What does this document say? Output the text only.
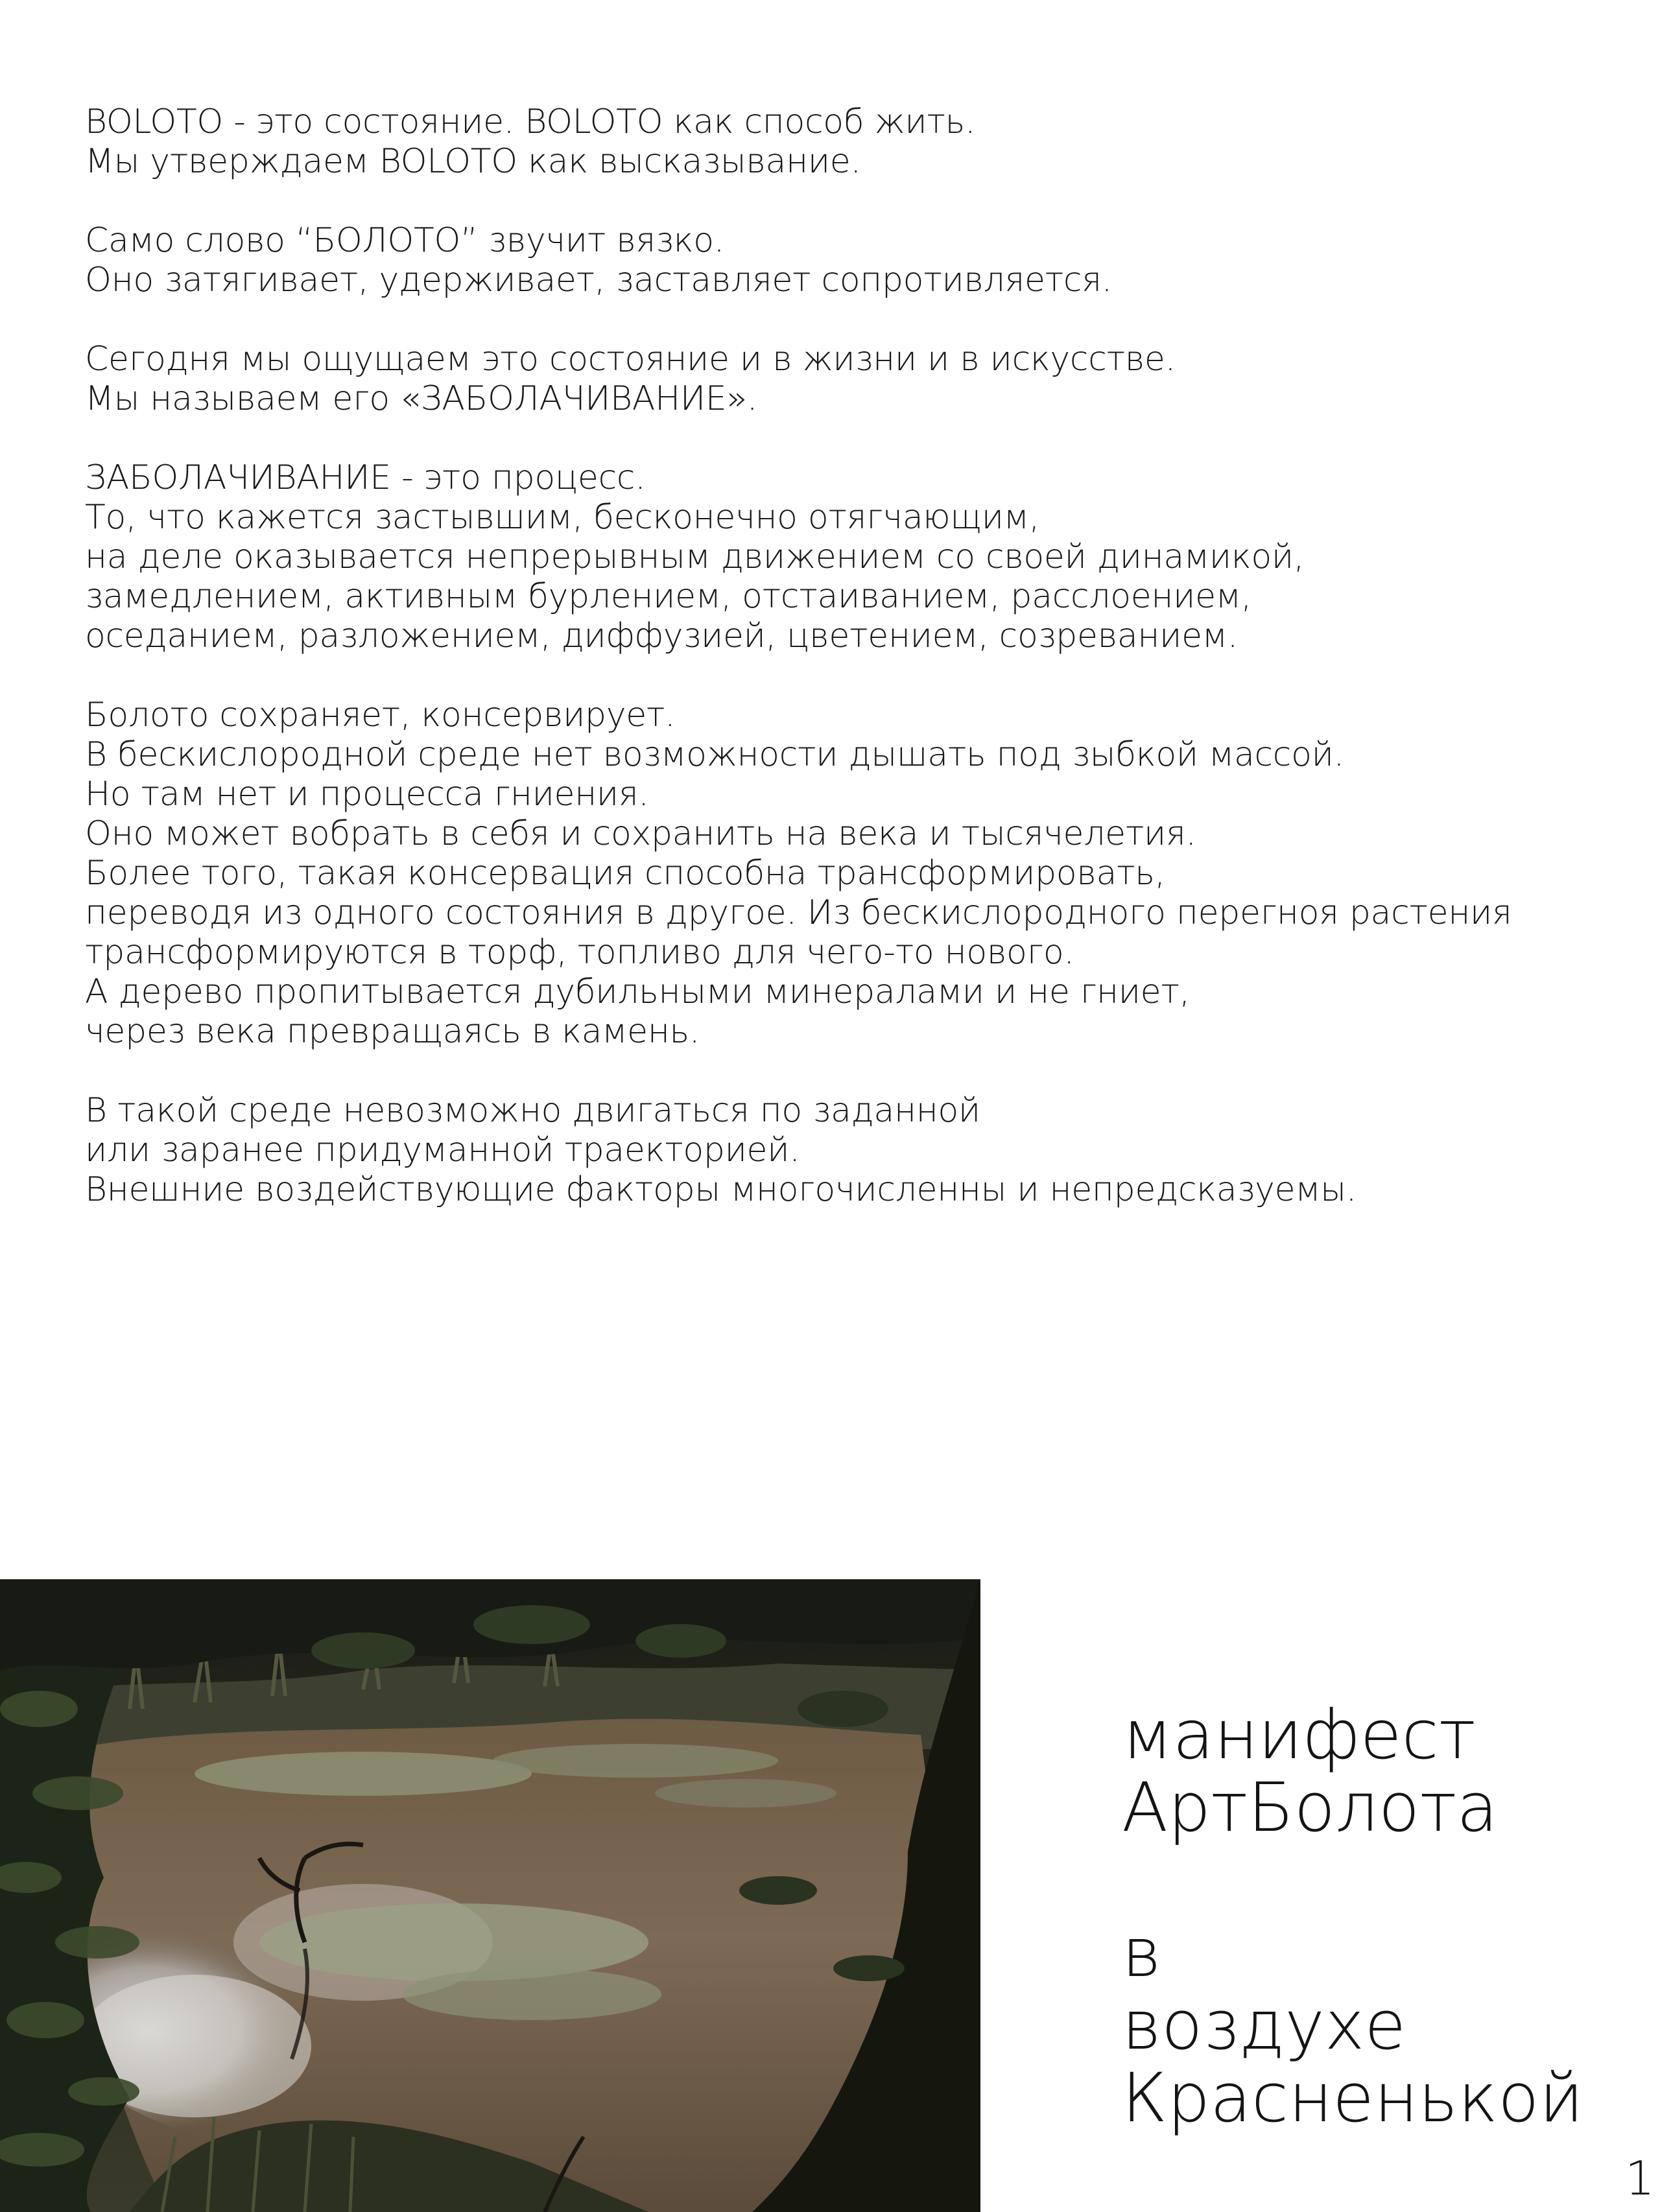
BOLOTO - это состояние. BOLOTO как способ жить.
Мы утверждаем BOLOTO как высказывание.

Само слово “БОЛОТО” звучит вязко.
Оно затягивает, удерживает, заставляет сопротивляется.

Сегодня мы ощущаем это состояние и в жизни и в искусстве.
Мы называем его «ЗАБОЛАЧИВАНИЕ».

ЗАБОЛАЧИВАНИЕ - это процесс.
То, что кажется застывшим, бесконечно отягчающим,
на деле оказывается непрерывным движением со своей динамикой,
замедлением, активным бурлением, отстаиванием, расслоением,
оседанием, разложением, диффузией, цветением, созреванием.

Болото сохраняет, консервирует.
В бескислородной среде нет возможности дышать под зыбкой массой.
Но там нет и процесса гниения.
Оно может вобрать в себя и сохранить на века и тысячелетия.
Более того, такая консервация способна трансформировать,
переводя из одного состояния в другое. Из бескислородного перегноя растения
трансформируются в торф, топливо для чего-то нового.
А дерево пропитывается дубильными минералами и не гниет,
через века превращаясь в камень.

В такой среде невозможно двигаться по заданной
или заранее придуманной траекторией.
Внешние воздействующие факторы многочисленны и непредсказуемы.

манифест
АртБолота
в
воздухе
Красненькой
1
